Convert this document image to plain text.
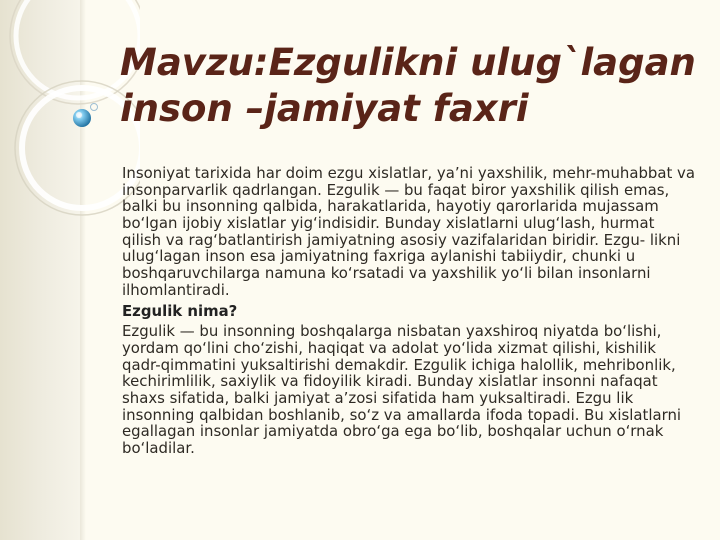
Mavzu:Ezgulikni ulug`lagan inson –jamiyat faxri

Insoniyat tarixida har doim ezgu xislatlar, ya’ni yaxshilik, mehr-muhabbat va insonparvarlik qadrlangan. Ezgulik — bu faqat biror yaxshilik qilish emas, balki bu insonning qalbida, harakatlarida, hayotiy qarorlarida mujassam bo‘lgan ijobiy xislatlar yig‘indisidir. Bunday xislatlarni ulug‘lash, hurmat qilish va rag‘batlantirish jamiyatning asosiy vazifalaridan biridir. Ezgu- likni ulug‘lagan inson esa jamiyatning faxriga aylanishi tabiiydir, chunki u boshqaruvchilarga namuna ko‘rsatadi va yaxshilik yo‘li bilan insonlarni ilhomlantiradi.

Ezgulik nima?

Ezgulik — bu insonning boshqalarga nisbatan yaxshiroq niyatda bo‘lishi, yordam qo‘lini cho‘zishi, haqiqat va adolat yo‘lida xizmat qilishi, kishilik qadr-qimmatini yuksaltirishi demakdir. Ezgulik ichiga halollik, mehribonlik, kechirimlilik, saxiylik va fidoyilik kiradi. Bunday xislatlar insonni nafaqat shaxs sifatida, balki jamiyat a’zosi sifatida ham yuksaltiradi. Ezgu lik insonning qalbidan boshlanib, so‘z va amallarda ifoda topadi. Bu xislatlarni egallagan insonlar jamiyatda obro‘ga ega bo‘lib, boshqalar uchun o‘rnak bo‘ladilar.
